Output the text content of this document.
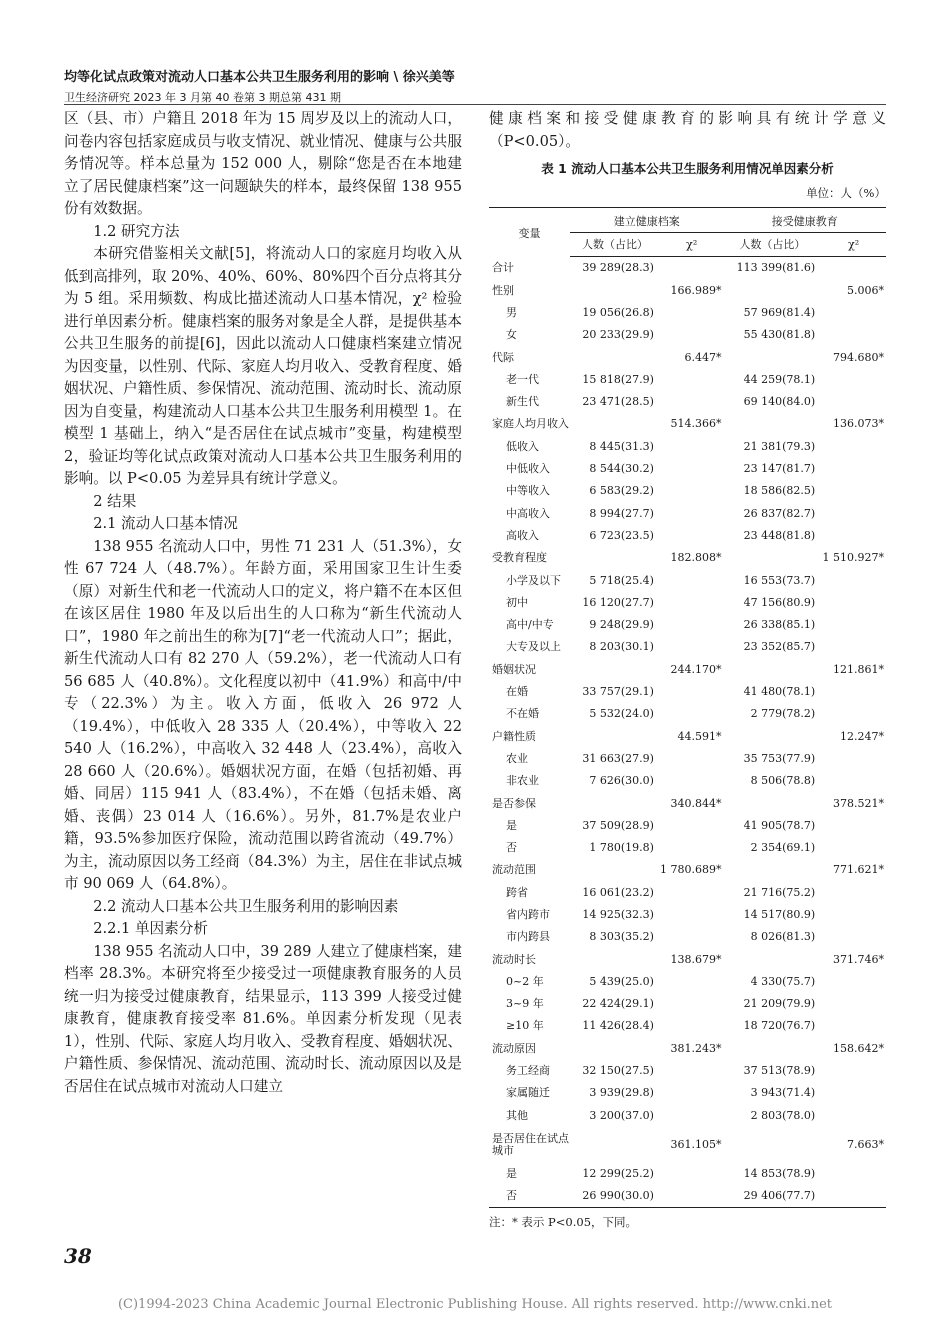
均等化试点政策对流动人口基本公共卫生服务利用的影响 \ 徐兴美等
卫生经济研究 2023 年 3 月第 40 卷第 3 期总第 431 期

区（县、市）户籍且 2018 年为 15 周岁及以上的流动人口，问卷内容包括家庭成员与收支情况、就业情况、健康与公共服务情况等。样本总量为 152 000 人，剔除“您是否在本地建立了居民健康档案”这一问题缺失的样本，最终保留 138 955 份有效数据。

1.2 研究方法

本研究借鉴相关文献[5]，将流动人口的家庭月均收入从低到高排列，取 20%、40%、60%、80%四个百分点将其分为 5 组。采用频数、构成比描述流动人口基本情况，χ² 检验进行单因素分析。健康档案的服务对象是全人群，是提供基本公共卫生服务的前提[6]，因此以流动人口健康档案建立情况为因变量，以性别、代际、家庭人均月收入、受教育程度、婚姻状况、户籍性质、参保情况、流动范围、流动时长、流动原因为自变量，构建流动人口基本公共卫生服务利用模型 1。在模型 1 基础上，纳入“是否居住在试点城市”变量，构建模型 2，验证均等化试点政策对流动人口基本公共卫生服务利用的影响。以 P<0.05 为差异具有统计学意义。

2 结果

2.1 流动人口基本情况

138 955 名流动人口中，男性 71 231 人（51.3%），女性 67 724 人（48.7%）。年龄方面，采用国家卫生计生委（原）对新生代和老一代流动人口的定义，将户籍不在本区但在该区居住 1980 年及以后出生的人口称为“新生代流动人口”，1980 年之前出生的称为[7]“老一代流动人口”；据此，新生代流动人口有 82 270 人（59.2%），老一代流动人口有 56 685 人（40.8%）。文化程度以初中（41.9%）和高中/中专（22.3%）为主。收入方面，低收入 26 972 人（19.4%），中低收入 28 335 人（20.4%），中等收入 22 540 人（16.2%），中高收入 32 448 人（23.4%），高收入 28 660 人（20.6%）。婚姻状况方面，在婚（包括初婚、再婚、同居）115 941 人（83.4%），不在婚（包括未婚、离婚、丧偶）23 014 人（16.6%）。另外，81.7%是农业户籍，93.5%参加医疗保险，流动范围以跨省流动（49.7%）为主，流动原因以务工经商（84.3%）为主，居住在非试点城市 90 069 人（64.8%）。

2.2 流动人口基本公共卫生服务利用的影响因素

2.2.1 单因素分析

138 955 名流动人口中，39 289 人建立了健康档案，建档率 28.3%。本研究将至少接受过一项健康教育服务的人员统一归为接受过健康教育，结果显示，113 399 人接受过健康教育，健康教育接受率 81.6%。单因素分析发现（见表 1），性别、代际、家庭人均月收入、受教育程度、婚姻状况、户籍性质、参保情况、流动范围、流动时长、流动原因以及是否居住在试点城市对流动人口建立

健康档案和接受健康教育的影响具有统计学意义（P<0.05）。

表 1 流动人口基本公共卫生服务利用情况单因素分析
单位：人（%）
变量	建立健康档案		接受健康教育	
	人数（占比）	χ²	人数（占比）	χ²
合计	39 289(28.3)		113 399(81.6)	
性别		166.989*		5.006*
男	19 056(26.8)		57 969(81.4)	
女	20 233(29.9)		55 430(81.8)	
代际		6.447*		794.680*
老一代	15 818(27.9)		44 259(78.1)	
新生代	23 471(28.5)		69 140(84.0)	
家庭人均月收入		514.366*		136.073*
低收入	8 445(31.3)		21 381(79.3)	
中低收入	8 544(30.2)		23 147(81.7)	
中等收入	6 583(29.2)		18 586(82.5)	
中高收入	8 994(27.7)		26 837(82.7)	
高收入	6 723(23.5)		23 448(81.8)	
受教育程度		182.808*		1 510.927*
小学及以下	5 718(25.4)		16 553(73.7)	
初中	16 120(27.7)		47 156(80.9)	
高中/中专	9 248(29.9)		26 338(85.1)	
大专及以上	8 203(30.1)		23 352(85.7)	
婚姻状况		244.170*		121.861*
在婚	33 757(29.1)		41 480(78.1)	
不在婚	5 532(24.0)		2 779(78.2)	
户籍性质		44.591*		12.247*
农业	31 663(27.9)		35 753(77.9)	
非农业	7 626(30.0)		8 506(78.8)	
是否参保		340.844*		378.521*
是	37 509(28.9)		41 905(78.7)	
否	1 780(19.8)		2 354(69.1)	
流动范围		1 780.689*		771.621*
跨省	16 061(23.2)		21 716(75.2)	
省内跨市	14 925(32.3)		14 517(80.9)	
市内跨县	8 303(35.2)		8 026(81.3)	
流动时长		138.679*		371.746*
0~2 年	5 439(25.0)		4 330(75.7)	
3~9 年	22 424(29.1)		21 209(79.9)	
≥10 年	11 426(28.4)		18 720(76.7)	
流动原因		381.243*		158.642*
务工经商	32 150(27.5)		37 513(78.9)	
家属随迁	3 939(29.8)		3 943(71.4)	
其他	3 200(37.0)		2 803(78.0)	
是否居住在试点城市		361.105*		7.663*
是	12 299(25.2)		14 853(78.9)	
否	26 990(30.0)		29 406(77.7)	
注：* 表示 P<0.05，下同。
38
(C)1994-2023 China Academic Journal Electronic Publishing House. All rights reserved. http://www.cnki.net
